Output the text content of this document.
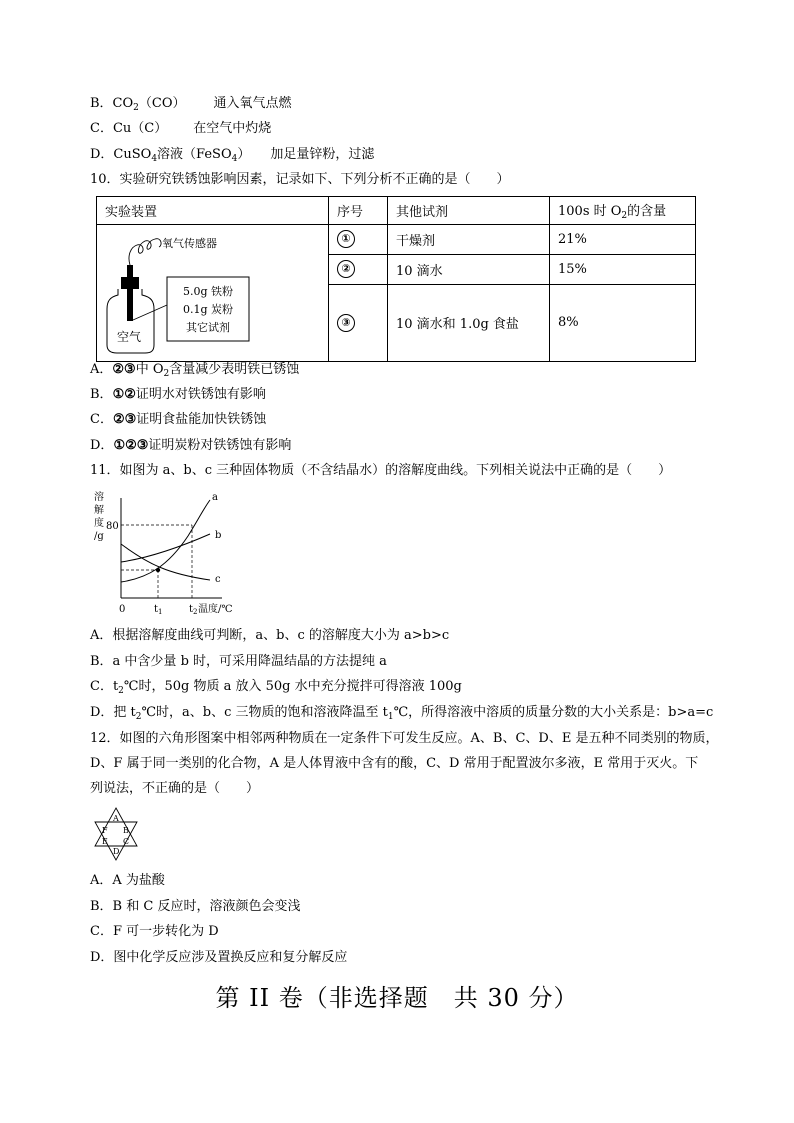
B．$CO_2(CO)$ 通入氧气点燃
C．Cu（C） 在空气中灼烧
D．CuSO$_4$溶液（FeSO$_4$） 加足量锌粉，过滤
10．实验研究铁锈蚀影响因素，记录如下、下列分析不正确的是（　　）
实验装置	序号	其他试剂	100s 时 $O_2$的含量

氧气传感器
空气
5.0g 铁粉
0.1g 炭粉
其它试剂	①	干燥剂	21%
	②	10 滴水	15%
	③	10 滴水和 1.0g 食盐	8%
A．②③中 $O_2$含量减少表明铁已锈蚀
B．①②证明水对铁锈蚀有影响
C．②③证明食盐能加快铁锈蚀
D．①②③证明炭粉对铁锈蚀有影响
11．如图为 a、b、c 三种固体物质（不含结晶水）的溶解度曲线。下列相关说法中正确的是（　　）
溶
解
度
/g
a
b
c
80
0	$t_1$	$t_2$ 温度/℃
A．根据溶解度曲线可判断，a、b、c 的溶解度大小为 a>b>c
B．a 中含少量 b 时，可采用降温结晶的方法提纯 a
C．$t_2℃$时，50g 物质 a 放入 50g 水中充分搅拌可得溶液 100g
D．把 $t_2℃$时，a、b、c 三物质的饱和溶液降温至 $t_1℃$，所得溶液中溶质的质量分数的大小关系是：b>a=c
12．如图的六角形图案中相邻两种物质在一定条件下可发生反应。A、B、C、D、E 是五种不同类别的物质，
D、F 属于同一类别的化合物，A 是人体胃液中含有的酸，C、D 常用于配置波尔多液，E 常用于灭火。下
列说法，不正确的是（　　）
A
B
C
D
E
F
A．A 为盐酸
B．B 和 C 反应时，溶液颜色会变浅
C．F 可一步转化为 D
D．图中化学反应涉及置换反应和复分解反应
第 II 卷（非选择题　共 30 分）
